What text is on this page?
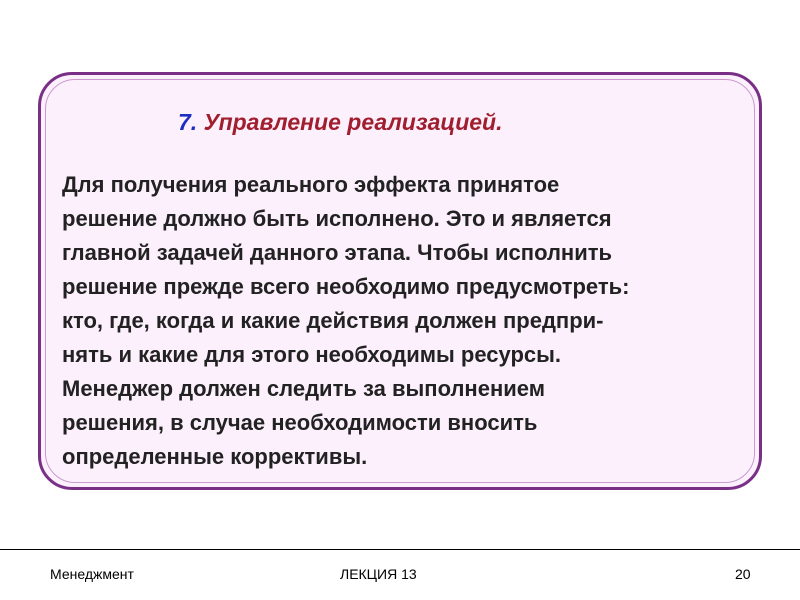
7. Управление реализацией.
Для получения реального эффекта принятое
решение должно быть исполнено. Это и является
главной задачей данного этапа. Чтобы исполнить
решение прежде всего необходимо предусмотреть:
кто, где, когда и какие действия должен предпри-
нять и какие для этого необходимы ресурсы.
Менеджер должен следить за выполнением
решения, в случае необходимости вносить
определенные коррективы.
Менеджмент	ЛЕКЦИЯ 13	20
